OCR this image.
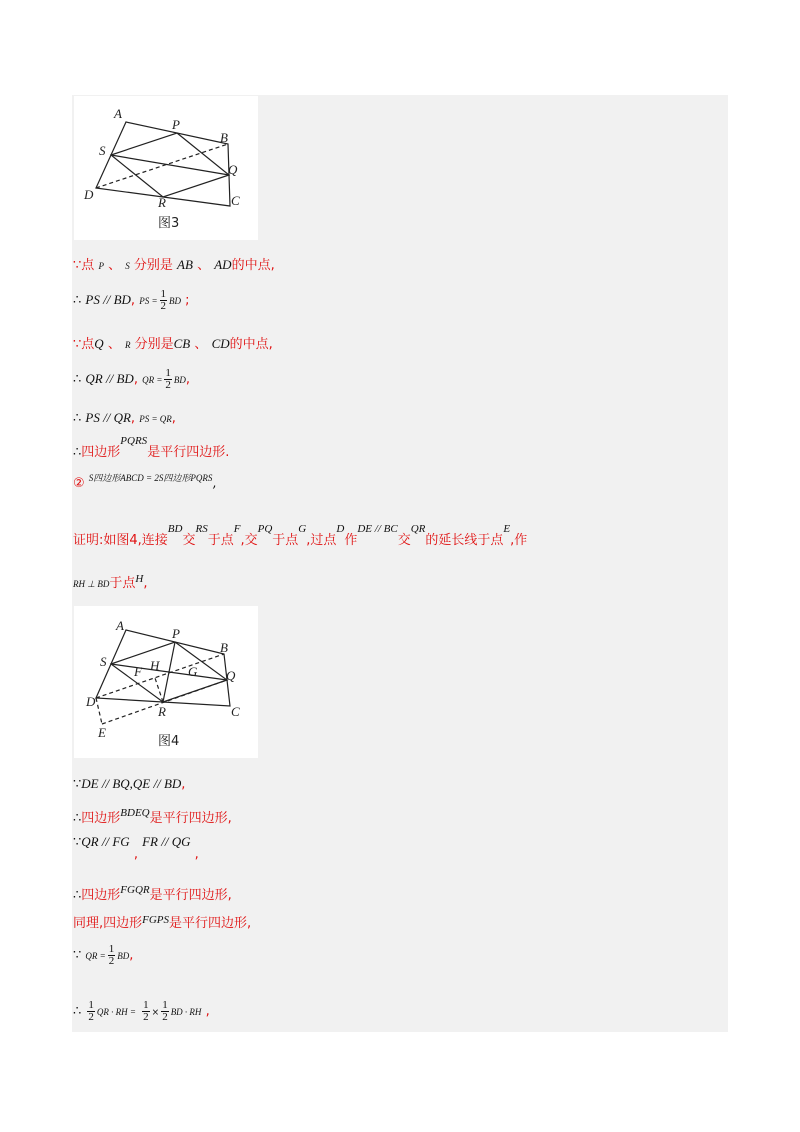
A
P
B
S
Q
D
R	C
图3
∵点 P 、 S 分别是 AB 、 AD的中点,
∴ PS // BD, PS = $\frac{1}{2}$ BD ;
∵点Q 、 R 分别是CB 、 CD的中点,
∴ QR // BD, QR = $\frac{1}{2}$ BD,
∴ PS // QR, PS = QR,
∴四边形$^{PQRS}$是平行四边形.
② $^{S四边形ABCD = 2S四边形PQRS}$,
证明:如图4,连接$^{BD}$交$^{RS}$于点$^F$,交$^{PQ}$于点$^G$,过点$^D$作$^{DE // BC}$交$^{QR}$的延长线于点$^E$,作
RH ⊥ BD于点$^H$,
A
P
B
S
Q
F H G
D
R	C
E
图4
∵DE // BQ,QE // BD,
∴四边形$^{BDEQ}$是平行四边形,
∵QR // FG , FR // QG ,
∴四边形$^{FGQR}$是平行四边形,
同理,四边形$^{FGPS}$是平行四边形,
∵ QR = $\frac{1}{2}$ BD,
∴ $\frac{1}{2}$ QR · RH = $\frac{1}{2} \times \frac{1}{2}$ BD · RH ,
